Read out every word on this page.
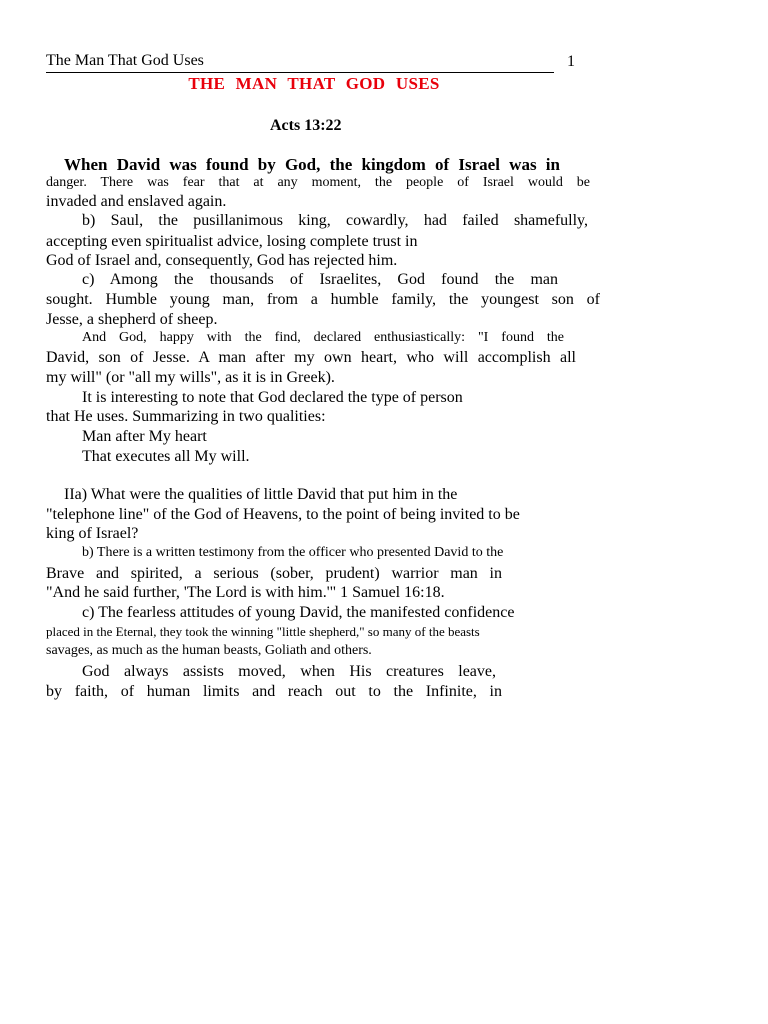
The Man That God Uses	1
THE MAN THAT GOD USES
Acts 13:22
When David was found by God, the kingdom of Israel was in
danger. There was fear that at any moment, the people of Israel would be
invaded and enslaved again.
b) Saul, the pusillanimous king, cowardly, had failed shamefully,
accepting even spiritualist advice, losing complete trust in
God of Israel and, consequently, God has rejected him.
c) Among the thousands of Israelites, God found the man
sought. Humble young man, from a humble family, the youngest son of
Jesse, a shepherd of sheep.
And God, happy with the find, declared enthusiastically: "I found the
David, son of Jesse. A man after my own heart, who will accomplish all
my will" (or "all my wills", as it is in Greek).
It is interesting to note that God declared the type of person
that He uses. Summarizing in two qualities:
Man after My heart
That executes all My will.
IIa) What were the qualities of little David that put him in the
"telephone line" of the God of Heavens, to the point of being invited to be
king of Israel?
b) There is a written testimony from the officer who presented David to the
Brave and spirited, a serious (sober, prudent) warrior man in
"And he said further, 'The Lord is with him.'" 1 Samuel 16:18.
c) The fearless attitudes of young David, the manifested confidence
placed in the Eternal, they took the winning "little shepherd," so many of the beasts
savages, as much as the human beasts, Goliath and others.
God always assists moved, when His creatures leave,
by faith, of human limits and reach out to the Infinite, in
